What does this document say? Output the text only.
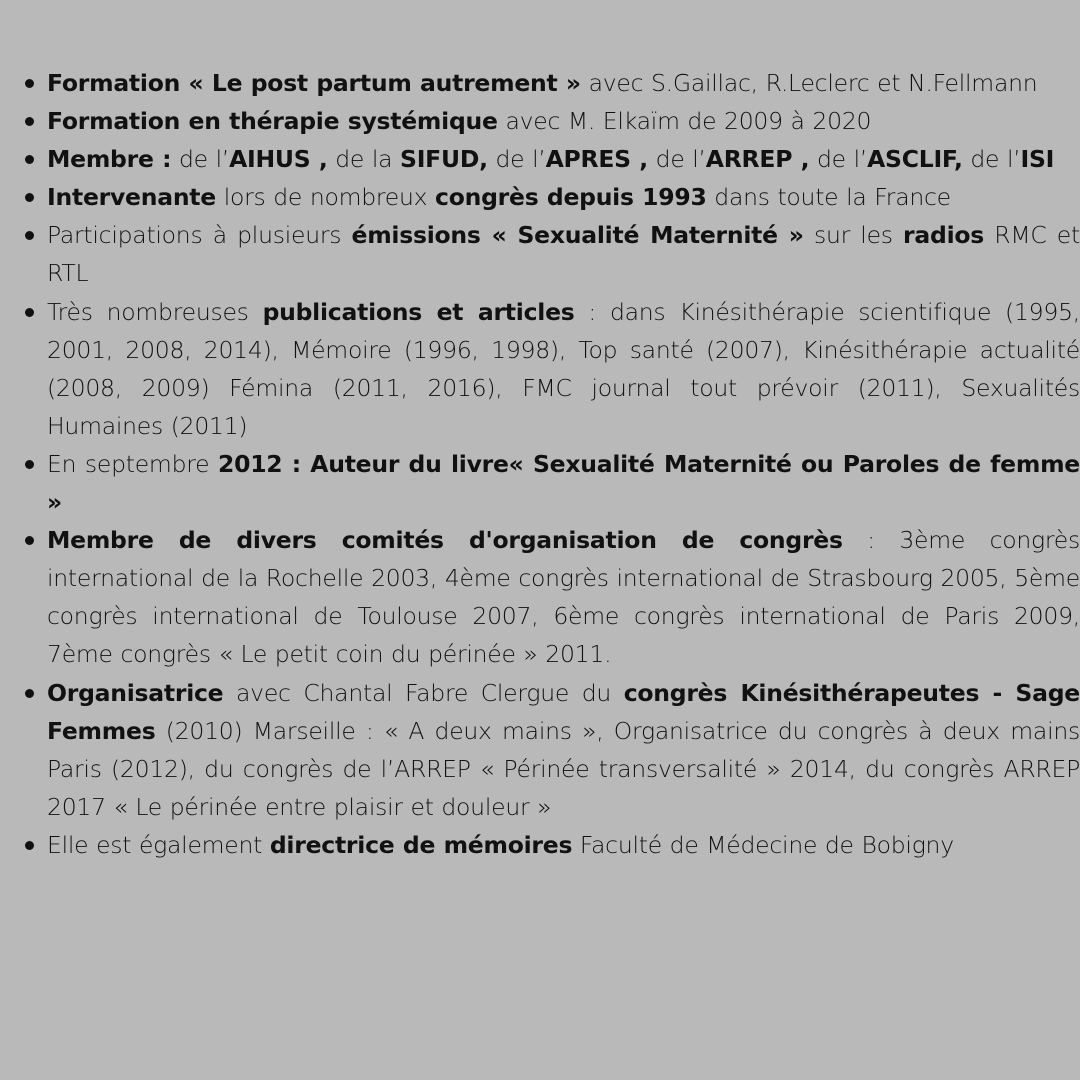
Formation « Le post partum autrement » avec S.Gaillac, R.Leclerc et N.Fellmann
Formation en thérapie systémique avec M. Elkaïm de 2009 à 2020
Membre : de l’AIHUS , de la SIFUD, de l’APRES , de l’ARREP , de l’ASCLIF, de l’ISI
Intervenante lors de nombreux congrès depuis 1993 dans toute la France
Participations à plusieurs émissions « Sexualité Maternité » sur les radios RMC et RTL
Très nombreuses publications et articles : dans Kinésithérapie scientifique (1995, 2001, 2008, 2014), Mémoire (1996, 1998), Top santé (2007), Kinésithérapie actualité (2008, 2009) Fémina (2011, 2016), FMC journal tout prévoir (2011), Sexualités Humaines (2011)
En septembre 2012 : Auteur du livre« Sexualité Maternité ou Paroles de femme »
Membre de divers comités d'organisation de congrès : 3ème congrès international de la Rochelle 2003, 4ème congrès international de Strasbourg 2005, 5ème congrès international de Toulouse 2007, 6ème congrès international de Paris 2009, 7ème congrès « Le petit coin du périnée » 2011.
Organisatrice avec Chantal Fabre Clergue du congrès Kinésithérapeutes - Sage Femmes (2010) Marseille : « A deux mains », Organisatrice du congrès à deux mains Paris (2012), du congrès de l’ARREP « Périnée transversalité » 2014, du congrès ARREP 2017 « Le périnée entre plaisir et douleur »
Elle est également directrice de mémoires Faculté de Médecine de Bobigny
